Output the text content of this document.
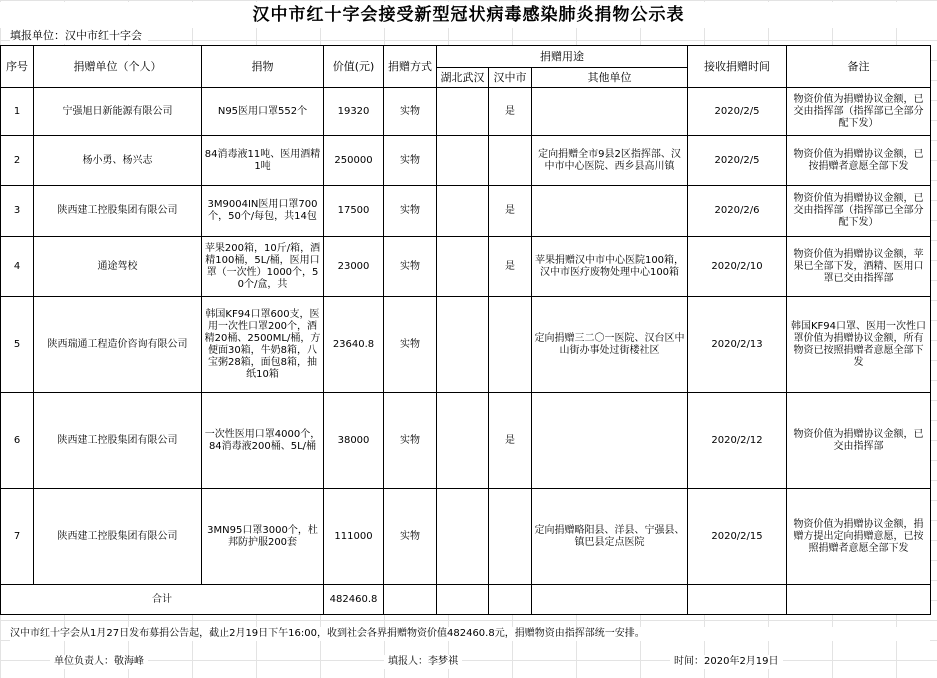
汉中市红十字会接受新型冠状病毒感染肺炎捐物公示表
填报单位：汉中市红十字会
序号	捐赠单位（个人）	捐物	价值(元)	捐赠方式	捐赠用途			接收捐赠时间	备注
					湖北武汉	汉中市	其他单位		
1	宁强旭日新能源有限公司	N95医用口罩552个	19320	实物		是		2020/2/5	物资价值为捐赠协议金额，已交由指挥部（指挥部已全部分配下发）
2	杨小勇、杨兴志	84消毒液11吨、医用酒精1吨	250000	实物			定向捐赠全市9县2区指挥部、汉中市中心医院、西乡县高川镇	2020/2/5	物资价值为捐赠协议金额，已按捐赠者意愿全部下发
3	陕西建工控股集团有限公司	3M9004IN医用口罩700个，50个/每包，共14包	17500	实物		是		2020/2/6	物资价值为捐赠协议金额，已交由指挥部（指挥部已全部分配下发）
4	通途驾校	苹果200箱，10斤/箱，酒精100桶，5L/桶，医用口罩（一次性）1000个，50个/盒，共	23000	实物		是	苹果捐赠汉中市中心医院100箱，汉中市医疗废物处理中心100箱	2020/2/10	物资价值为捐赠协议金额，苹果已全部下发，酒精、医用口罩已交由指挥部
5	陕西瑞通工程造价咨询有限公司	韩国KF94口罩600支，医用一次性口罩200个，酒精20桶、2500ML/桶，方便面30箱，牛奶8箱，八宝粥28箱，面包8箱，抽纸10箱	23640.8	实物			定向捐赠三二〇一医院、汉台区中山街办事处过街楼社区	2020/2/13	韩国KF94口罩、医用一次性口罩价值为捐赠协议金额，所有物资已按照捐赠者意愿全部下发
6	陕西建工控股集团有限公司	一次性医用口罩4000个，84消毒液200桶、5L/桶	38000	实物		是		2020/2/12	物资价值为捐赠协议金额，已交由指挥部
7	陕西建工控股集团有限公司	3MN95口罩3000个，杜邦防护服200套	111000	实物			定向捐赠略阳县、洋县、宁强县、镇巴县定点医院	2020/2/15	物资价值为捐赠协议金额，捐赠方提出定向捐赠意愿，已按照捐赠者意愿全部下发
合计			482460.8						
汉中市红十字会从1月27日发布募捐公告起，截止2月19日下午16:00，收到社会各界捐赠物资价值482460.8元，捐赠物资由指挥部统一安排。
单位负责人：敬海峰	填报人：李梦祺	时间：2020年2月19日
